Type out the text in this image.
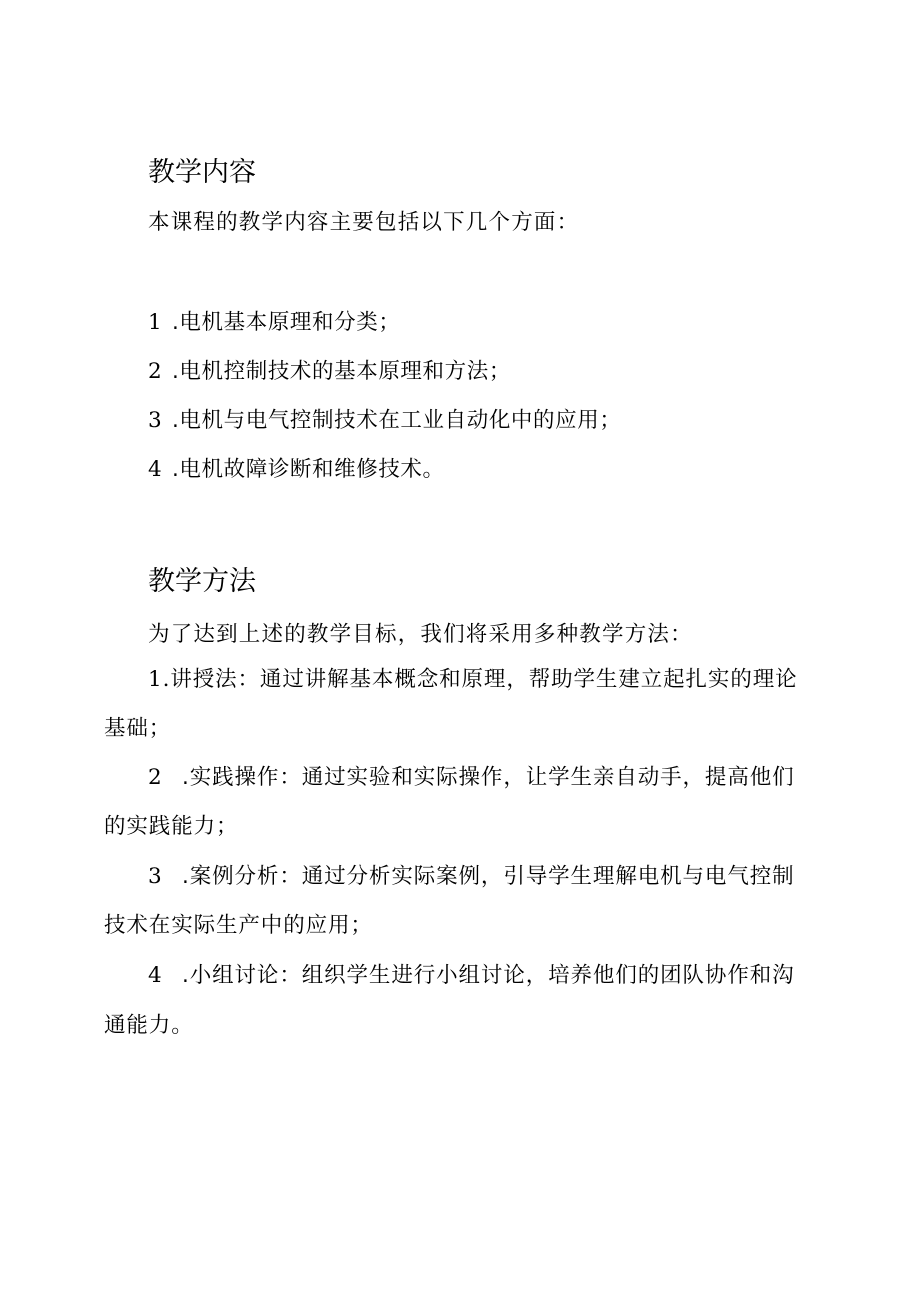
教学内容
本课程的教学内容主要包括以下几个方面：
1 .电机基本原理和分类；
2 .电机控制技术的基本原理和方法；
3 .电机与电气控制技术在工业自动化中的应用；
4 .电机故障诊断和维修技术。
教学方法
为了达到上述的教学目标，我们将采用多种教学方法：
1.讲授法：通过讲解基本概念和原理，帮助学生建立起扎实的理论
基础；
2 .实践操作：通过实验和实际操作，让学生亲自动手，提高他们
的实践能力；
3 .案例分析：通过分析实际案例，引导学生理解电机与电气控制
技术在实际生产中的应用；
4 .小组讨论：组织学生进行小组讨论，培养他们的团队协作和沟
通能力。
